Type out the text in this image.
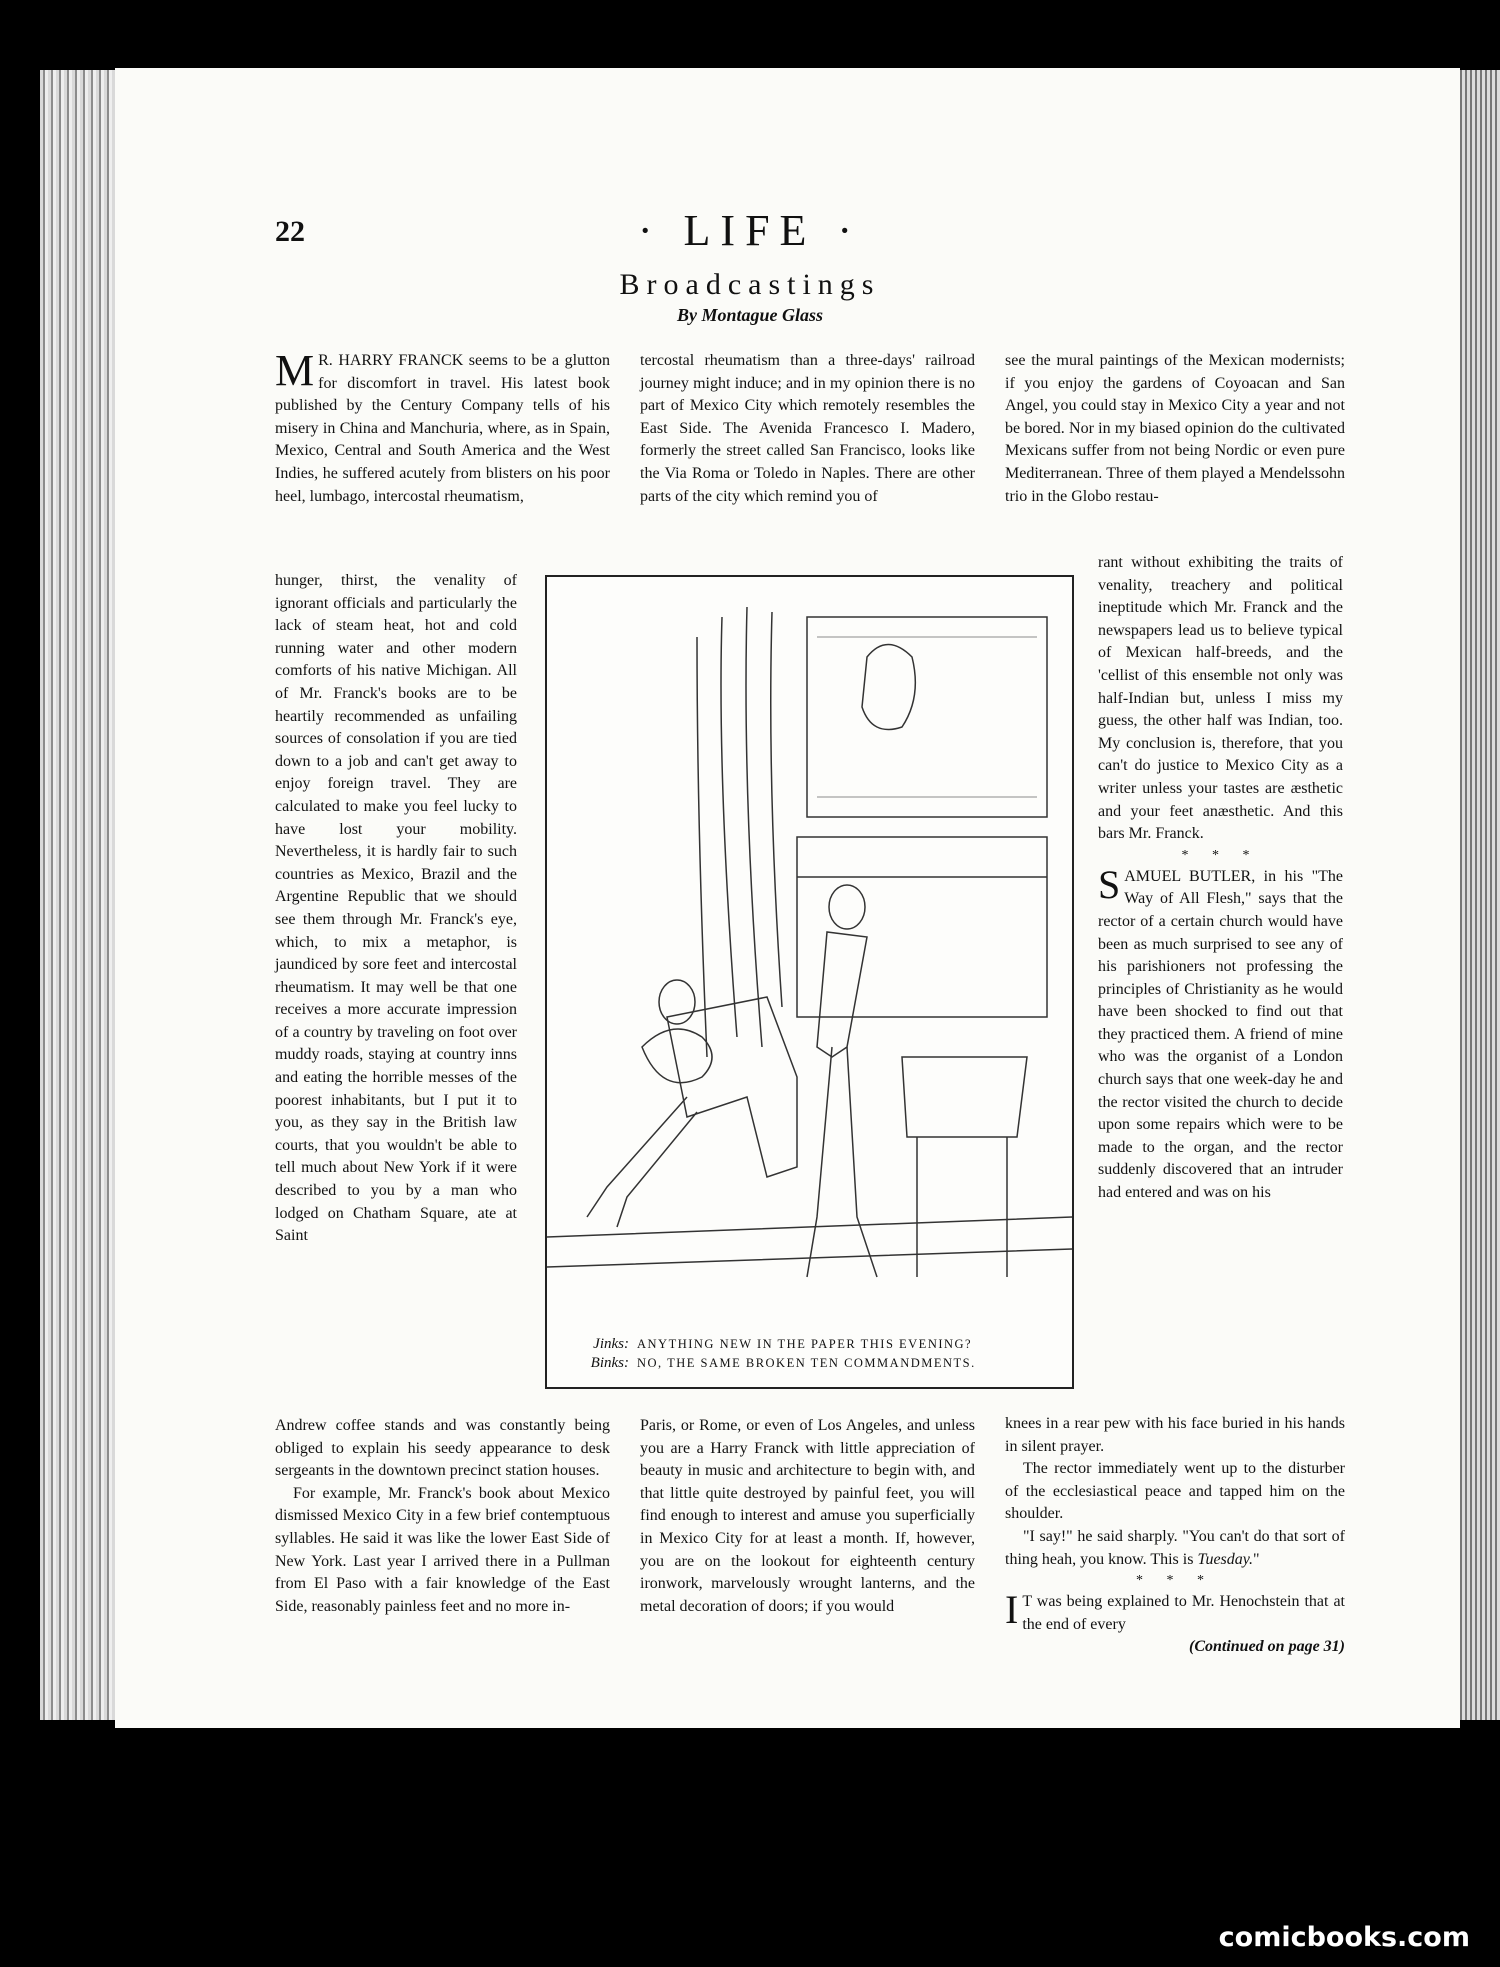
22	· LIFE ·
Broadcastings
By Montague Glass

M R. HARRY FRANCK seems to be a glutton for discomfort in travel. His latest book published by the Century Company tells of his misery in China and Manchuria, where, as in Spain, Mexico, Central and South America and the West Indies, he suffered acutely from blisters on his poor heel, lumbago, intercostal rheumatism,

hunger, thirst, the venality of ignorant officials and particularly the lack of steam heat, hot and cold running water and other modern comforts of his native Michigan. All of Mr. Franck's books are to be heartily recommended as unfailing sources of consolation if you are tied down to a job and can't get away to enjoy foreign travel. They are calculated to make you feel lucky to have lost your mobility. Nevertheless, it is hardly fair to such countries as Mexico, Brazil and the Argentine Republic that we should see them through Mr. Franck's eye, which, to mix a metaphor, is jaundiced by sore feet and intercostal rheumatism. It may well be that one receives a more accurate impression of a country by traveling on foot over muddy roads, staying at country inns and eating the horrible messes of the poorest inhabitants, but I put it to you, as they say in the British law courts, that you wouldn't be able to tell much about New York if it were described to you by a man who lodged on Chatham Square, ate at Saint

Andrew coffee stands and was constantly being obliged to explain his seedy appearance to desk sergeants in the downtown precinct station houses.

For example, Mr. Franck's book about Mexico dismissed Mexico City in a few brief contemptuous syllables. He said it was like the lower East Side of New York. Last year I arrived there in a Pullman from El Paso with a fair knowledge of the East Side, reasonably painless feet and no more in-

tercostal rheumatism than a three-days' railroad journey might induce; and in my opinion there is no part of Mexico City which remotely resembles the East Side. The Avenida Francesco I. Madero, formerly the street called San Francisco, looks like the Via Roma or Toledo in Naples. There are other parts of the city which remind you of

Paris, or Rome, or even of Los Angeles, and unless you are a Harry Franck with little appreciation of beauty in music and architecture to begin with, and that little quite destroyed by painful feet, you will find enough to interest and amuse you superficially in Mexico City for at least a month. If, however, you are on the lookout for eighteenth century ironwork, marvelously wrought lanterns, and the metal decoration of doors; if you would

see the mural paintings of the Mexican modernists; if you enjoy the gardens of Coyoacan and San Angel, you could stay in Mexico City a year and not be bored. Nor in my biased opinion do the cultivated Mexicans suffer from not being Nordic or even pure Mediterranean. Three of them played a Mendelssohn trio in the Globo restau-

rant without exhibiting the traits of venality, treachery and political ineptitude which Mr. Franck and the newspapers lead us to believe typical of Mexican half-breeds, and the 'cellist of this ensemble not only was half-Indian but, unless I miss my guess, the other half was Indian, too. My conclusion is, therefore, that you can't do justice to Mexico City as a writer unless your tastes are æsthetic and your feet anæsthetic. And this bars Mr. Franck.

* * *

SAMUEL BUTLER, in his "The Way of All Flesh," says that the rector of a certain church would have been as much surprised to see any of his parishioners not professing the principles of Christianity as he would have been shocked to find out that they practiced them. A friend of mine who was the organist of a London church says that one week-day he and the rector visited the church to decide upon some repairs which were to be made to the organ, and the rector suddenly discovered that an intruder had entered and was on his

knees in a rear pew with his face buried in his hands in silent prayer.

The rector immediately went up to the disturber of the ecclesiastical peace and tapped him on the shoulder.

"I say!" he said sharply. "You can't do that sort of thing heah, you know. This is Tuesday."

* * *

I T was being explained to Mr. Henochstein that at the end of every

(Continued on page 31)
Jinks: ANYTHING NEW IN THE PAPER THIS EVENING?
Binks: NO, THE SAME BROKEN TEN COMMANDMENTS.
comicbooks.com
